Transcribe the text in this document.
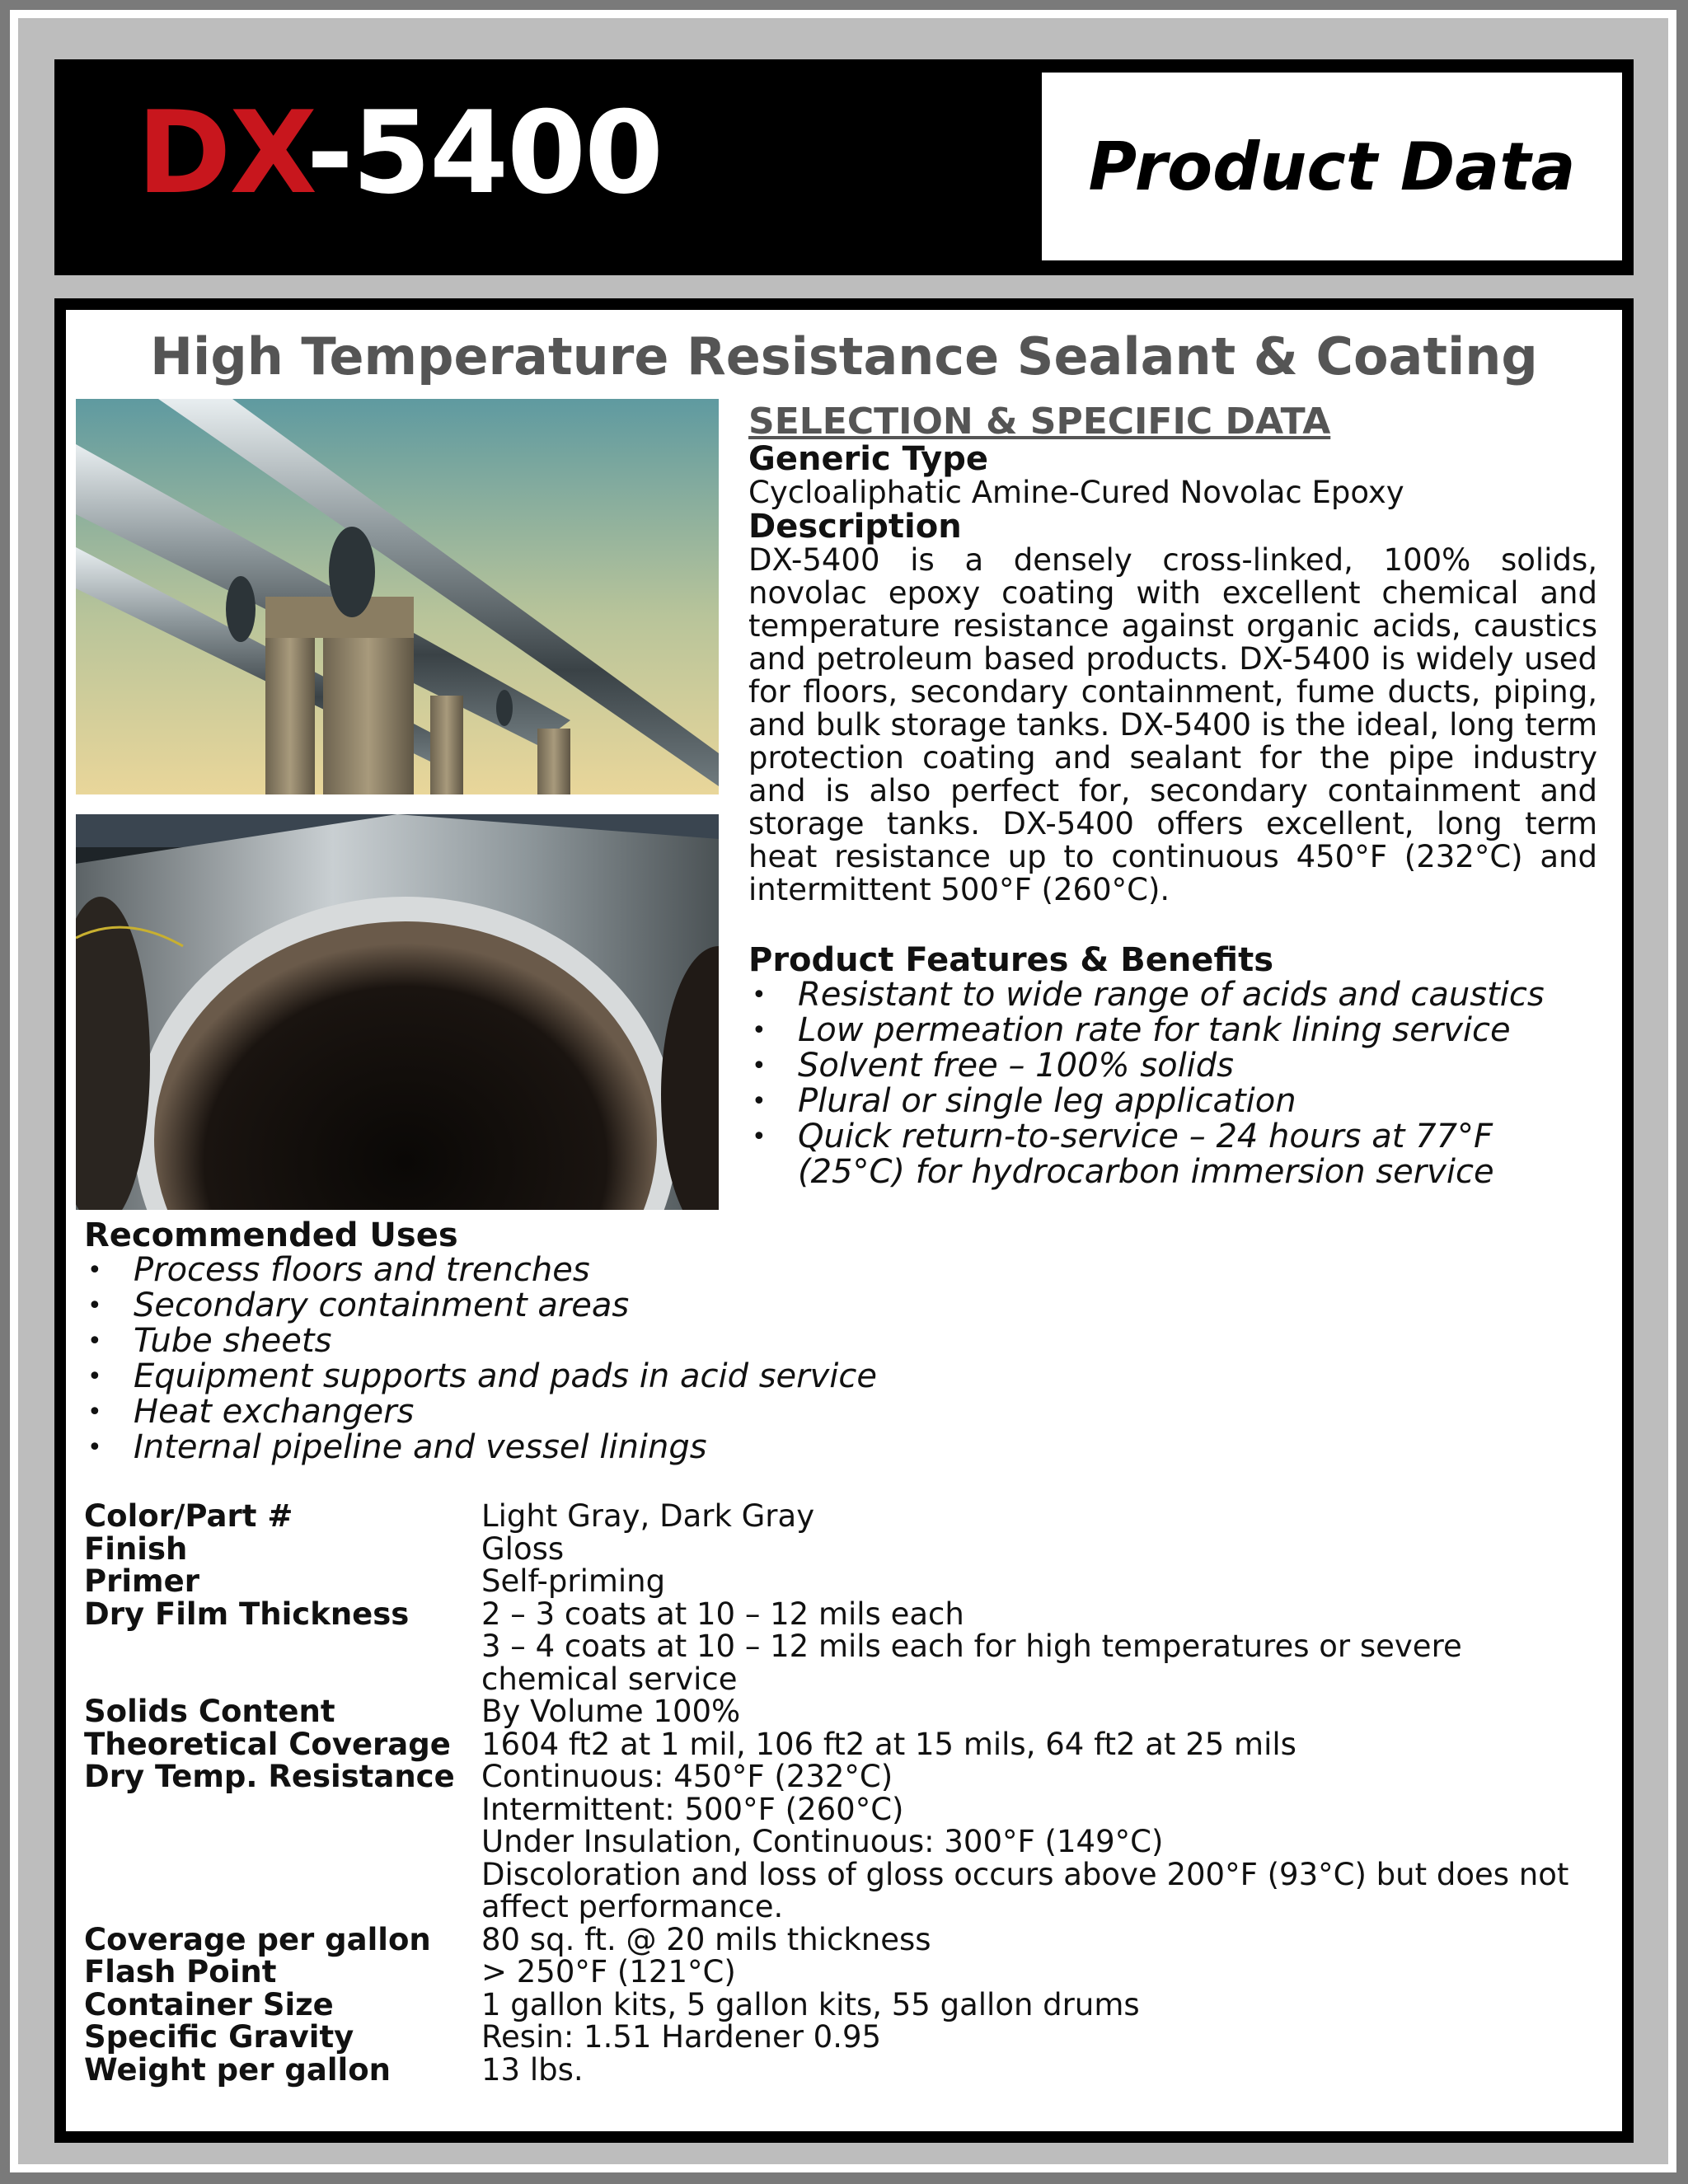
DX-5400	Product Data
High Temperature Resistance Sealant & Coating
SELECTION & SPECIFIC DATA
Generic Type
Cycloaliphatic Amine-Cured Novolac Epoxy
Description
DX-5400 is a densely cross-linked, 100% solids, novolac epoxy coating with excellent chemical and temperature resistance against organic acids, caustics and petroleum based products. DX-5400 is widely used for floors, secondary containment, fume ducts, piping, and bulk storage tanks. DX-5400 is the ideal, long term protection coating and sealant for the pipe industry and is also perfect for, secondary containment and storage tanks. DX-5400 offers excellent, long term heat resistance up to continuous 450°F (232°C) and intermittent 500°F (260°C).
Product Features & Benefits
• Resistant to wide range of acids and caustics
• Low permeation rate for tank lining service
• Solvent free – 100% solids
• Plural or single leg application
• Quick return-to-service – 24 hours at 77°F (25°C) for hydrocarbon immersion service
Recommended Uses
• Process floors and trenches
• Secondary containment areas
• Tube sheets
• Equipment supports and pads in acid service
• Heat exchangers
• Internal pipeline and vessel linings
Color/Part #	Light Gray, Dark Gray
Finish	Gloss
Primer	Self-priming
Dry Film Thickness	2 – 3 coats at 10 – 12 mils each
3 – 4 coats at 10 – 12 mils each for high temperatures or severe
chemical service
Solids Content	By Volume 100%
Theoretical Coverage	1604 ft2 at 1 mil, 106 ft2 at 15 mils, 64 ft2 at 25 mils
Dry Temp. Resistance Continuous: 450°F (232°C)
Intermittent: 500°F (260°C)
Under Insulation, Continuous: 300°F (149°C)
Discoloration and loss of gloss occurs above 200°F (93°C) but does not
affect performance.
Coverage per gallon	80 sq. ft. @ 20 mils thickness
Flash Point	> 250°F (121°C)
Container Size	1 gallon kits, 5 gallon kits, 55 gallon drums
Specific Gravity	Resin: 1.51 Hardener 0.95
Weight per gallon	13 lbs.
